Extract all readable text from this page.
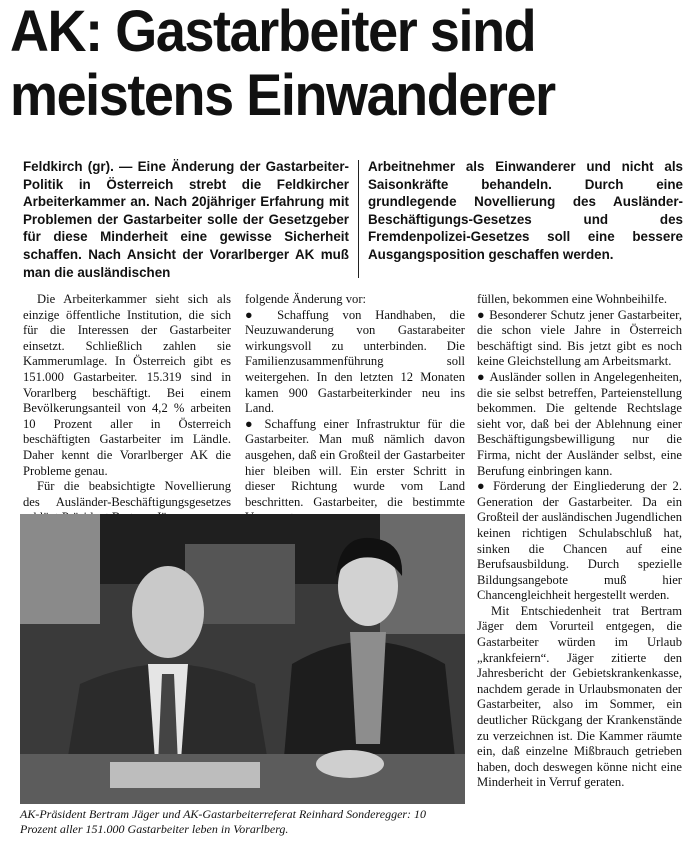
AK: Gastarbeiter sind
meistens Einwanderer
Feldkirch (gr). — Eine Änderung der Gastarbeiter-Politik in Österreich strebt die Feldkircher Arbeiterkammer an. Nach 20jähriger Erfahrung mit Problemen der Gastarbeiter solle der Gesetzgeber für diese Minderheit eine gewisse Sicherheit schaffen. Nach Ansicht der Vorarlberger AK muß man die ausländischen
Arbeitnehmer als Einwanderer und nicht als Saisonkräfte behandeln. Durch eine grundlegende Novellierung des Ausländer-Beschäftigungs-Gesetzes und des Fremdenpolizei-Gesetzes soll eine bessere Ausgangsposition geschaffen werden.

Die Arbeiterkammer sieht sich als einzige öffentliche Institution, die sich für die Interessen der Gastarbeiter einsetzt. Schließlich zahlen sie Kammerumlage. In Österreich gibt es 151.000 Gastarbeiter. 15.319 sind in Vorarlberg beschäftigt. Bei einem Bevölkerungsanteil von 4,2 % arbeiten 10 Prozent aller in Österreich beschäftigten Gastarbeiter im Ländle. Daher kennt die Vorarlberger AK die Probleme genau.

Für die beabsichtigte Novellierung des Ausländer-Beschäftigungsgesetzes

folgende Änderung vor:

● Schaffung von Handhaben, die Neuzuwanderung von Gastarabeiter wirkungsvoll zu unterbinden. Die Familienzusammenführung soll weitergehen. In den letzten 12 Monaten kamen 900 Gastarbeiterkinder neu ins Land.

● Schaffung einer Infrastruktur für die Gastarbeiter. Man muß nämlich davon ausgehen, daß ein Großteil der Gastarbeiter hier bleiben will. Ein erster Schritt in dieser Richtung wurde vom Land beschritten. Gastarbeiter, die bestimmte

füllen, bekommen eine Wohnbeihilfe.

● Besonderer Schutz jener Gastarbeiter, die schon viele Jahre in Österreich beschäftigt sind. Bis jetzt gibt es noch keine Gleichstellung am Arbeitsmarkt.

● Ausländer sollen in Angelegenheiten, die sie selbst betreffen, Parteienstellung bekommen. Die geltende Rechtslage sieht vor, daß bei der Ablehnung einer Beschäftigungsbewilligung nur die Firma, nicht der Ausländer selbst, eine Berufung einbringen kann.

● Förderung der Eingliederung der 2. Generation der Gastarbeiter. Da ein Großteil der ausländischen Jugendlichen keinen richtigen Schulabschluß hat, sinken die Chancen auf eine Berufsausbildung. Durch spezielle Bildungsangebote muß hier Chancengleichheit hergestellt werden.

Mit Entschiedenheit trat Bertram Jäger dem Vorurteil entgegen, die Gastarbeiter würden im Urlaub „krankfeiern“. Jäger zitierte den Jahresbericht der Gebietskrankenkasse, nachdem gerade in Urlaubsmonaten der Gastarbeiter, also im Sommer, ein deutlicher Rückgang der Krankenstände zu verzeichnen ist. Die Kammer räumte ein, daß einzelne Mißbrauch getrieben haben, doch deswegen könne nicht eine Minderheit in Verruf geraten.

AK-Präsident Bertram Jäger und AK-Gastarbeiterreferat Reinhard Sonderegger: 10 Prozent aller 151.000 Gastarbeiter leben in Vorarlberg.
